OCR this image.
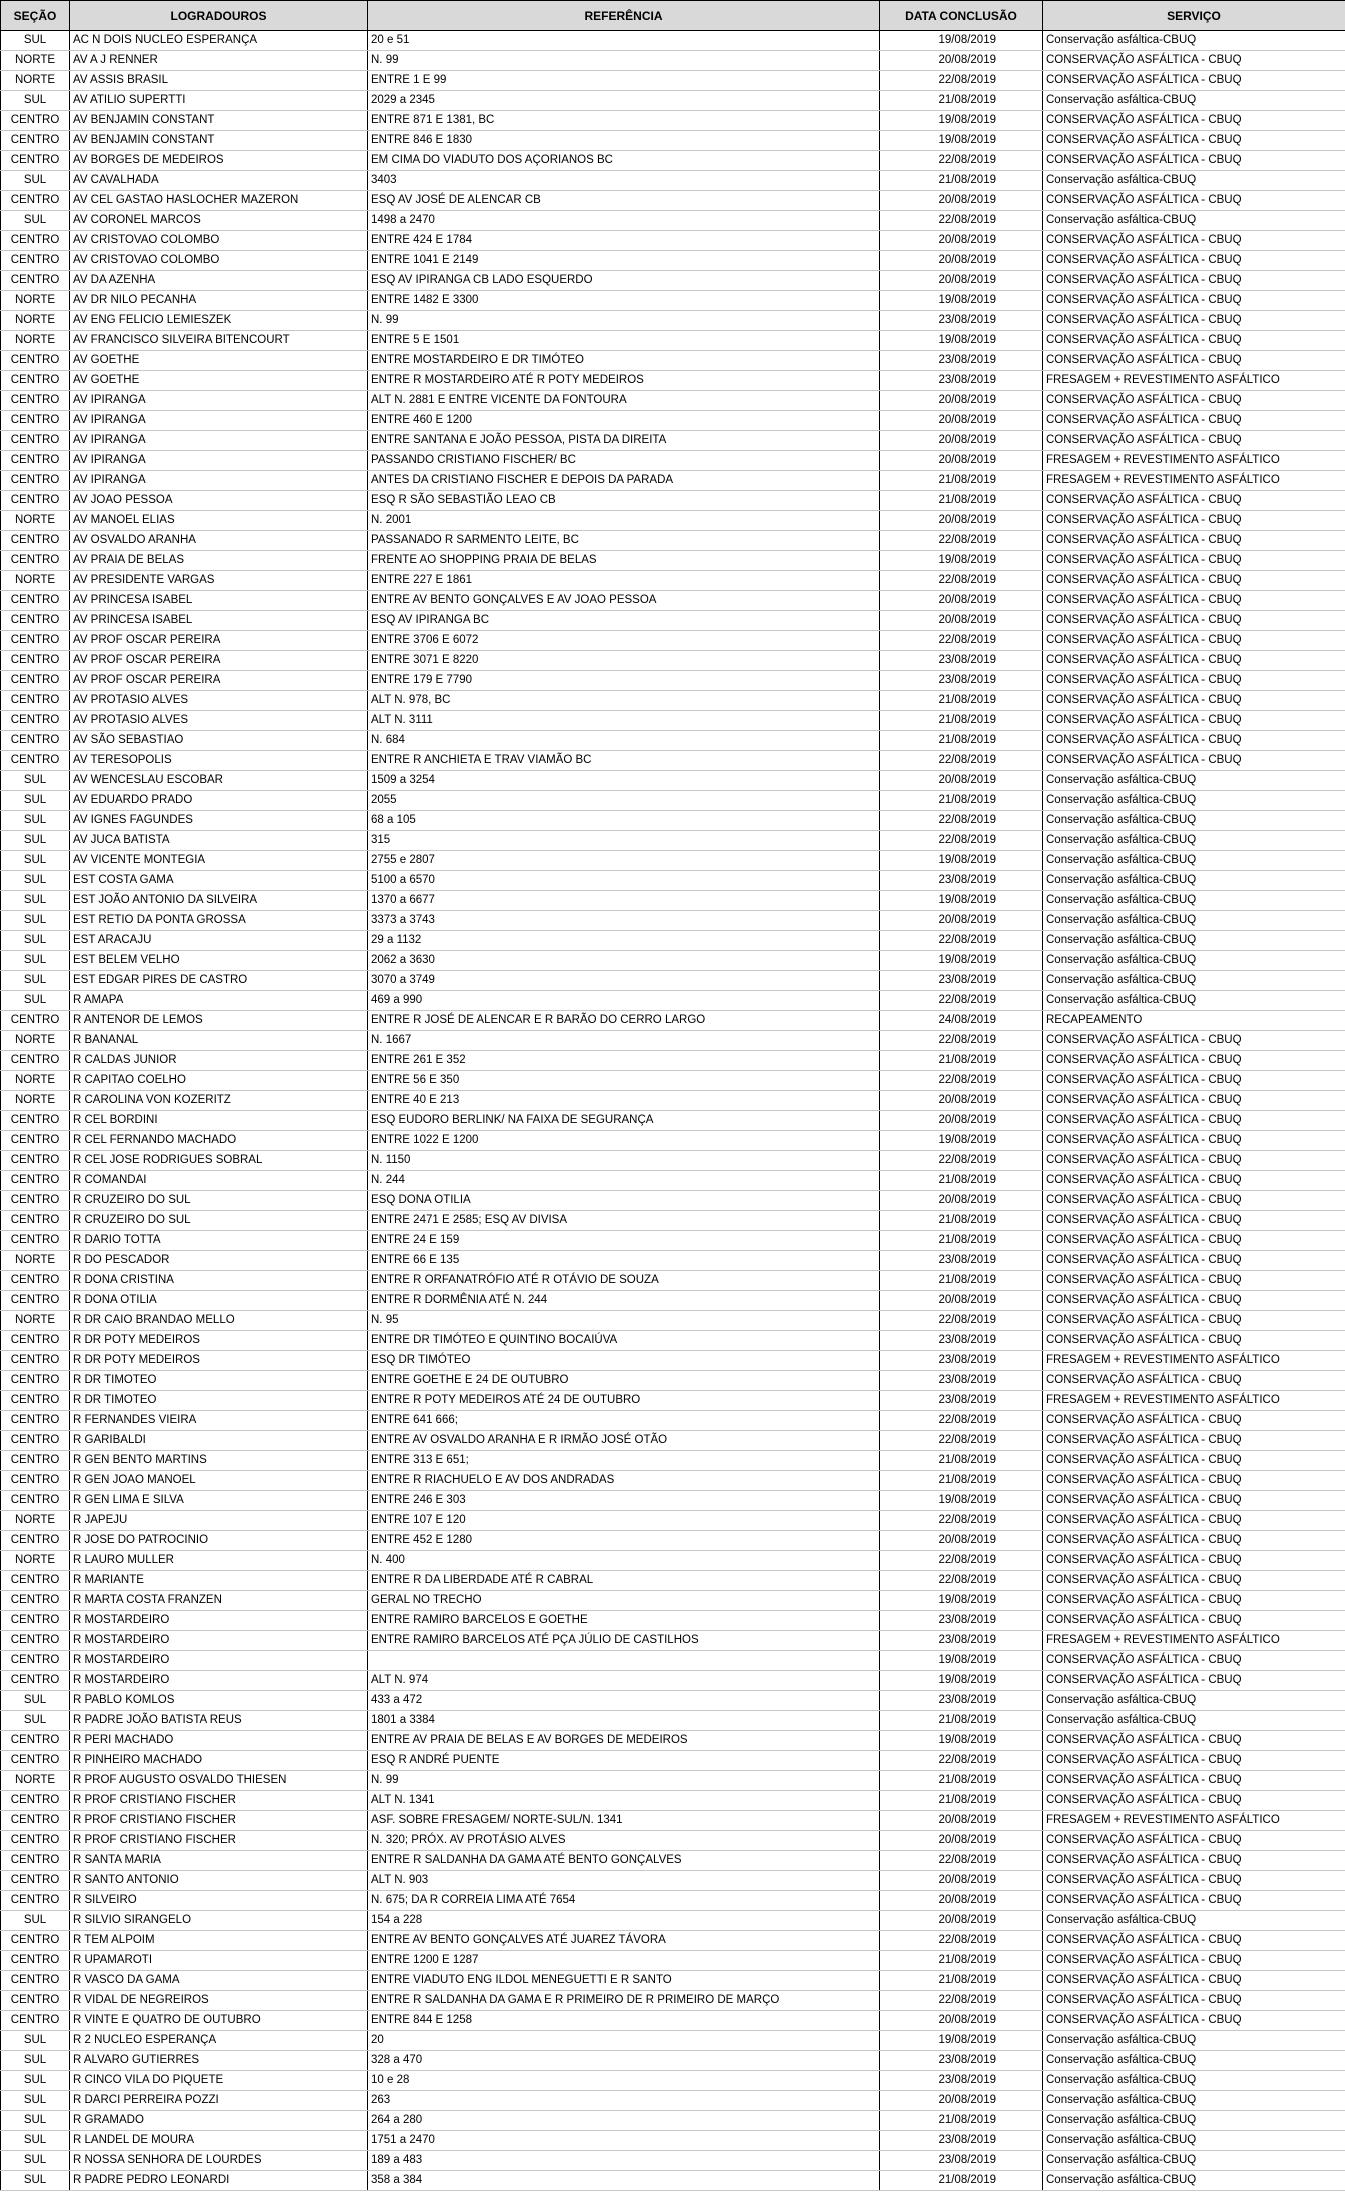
SEÇÃO	LOGRADOUROS	REFERÊNCIA	DATA CONCLUSÃO	SERVIÇO
SUL	AC N DOIS NUCLEO ESPERANÇA	20 e 51	19/08/2019	Conservação asfáltica-CBUQ
NORTE	AV A J RENNER	N. 99	20/08/2019	CONSERVAÇÃO ASFÁLTICA - CBUQ
NORTE	AV ASSIS BRASIL	ENTRE 1 E 99	22/08/2019	CONSERVAÇÃO ASFÁLTICA - CBUQ
SUL	AV ATILIO SUPERTTI	2029 a 2345	21/08/2019	Conservação asfáltica-CBUQ
CENTRO	AV BENJAMIN CONSTANT	ENTRE 871 E 1381, BC	19/08/2019	CONSERVAÇÃO ASFÁLTICA - CBUQ
CENTRO	AV BENJAMIN CONSTANT	ENTRE 846 E 1830	19/08/2019	CONSERVAÇÃO ASFÁLTICA - CBUQ
CENTRO	AV BORGES DE MEDEIROS	EM CIMA DO VIADUTO DOS AÇORIANOS BC	22/08/2019	CONSERVAÇÃO ASFÁLTICA - CBUQ
SUL	AV CAVALHADA	3403	21/08/2019	Conservação asfáltica-CBUQ
CENTRO	AV CEL GASTAO HASLOCHER MAZERON	ESQ AV JOSÉ DE ALENCAR CB	20/08/2019	CONSERVAÇÃO ASFÁLTICA - CBUQ
SUL	AV CORONEL MARCOS	1498 a 2470	22/08/2019	Conservação asfáltica-CBUQ
CENTRO	AV CRISTOVAO COLOMBO	ENTRE 424 E 1784	20/08/2019	CONSERVAÇÃO ASFÁLTICA - CBUQ
CENTRO	AV CRISTOVAO COLOMBO	ENTRE 1041 E 2149	20/08/2019	CONSERVAÇÃO ASFÁLTICA - CBUQ
CENTRO	AV DA AZENHA	ESQ AV IPIRANGA CB LADO ESQUERDO	20/08/2019	CONSERVAÇÃO ASFÁLTICA - CBUQ
NORTE	AV DR NILO PECANHA	ENTRE 1482 E 3300	19/08/2019	CONSERVAÇÃO ASFÁLTICA - CBUQ
NORTE	AV ENG FELICIO LEMIESZEK	N. 99	23/08/2019	CONSERVAÇÃO ASFÁLTICA - CBUQ
NORTE	AV FRANCISCO SILVEIRA BITENCOURT	ENTRE 5 E 1501	19/08/2019	CONSERVAÇÃO ASFÁLTICA - CBUQ
CENTRO	AV GOETHE	ENTRE MOSTARDEIRO E DR TIMÓTEO	23/08/2019	CONSERVAÇÃO ASFÁLTICA - CBUQ
CENTRO	AV GOETHE	ENTRE R MOSTARDEIRO ATÉ R POTY MEDEIROS	23/08/2019	FRESAGEM + REVESTIMENTO ASFÁLTICO
CENTRO	AV IPIRANGA	ALT N. 2881 E ENTRE VICENTE DA FONTOURA	20/08/2019	CONSERVAÇÃO ASFÁLTICA - CBUQ
CENTRO	AV IPIRANGA	ENTRE 460 E 1200	20/08/2019	CONSERVAÇÃO ASFÁLTICA - CBUQ
CENTRO	AV IPIRANGA	ENTRE SANTANA E JOÃO PESSOA, PISTA DA DIREITA	20/08/2019	CONSERVAÇÃO ASFÁLTICA - CBUQ
CENTRO	AV IPIRANGA	PASSANDO CRISTIANO FISCHER/ BC	20/08/2019	FRESAGEM + REVESTIMENTO ASFÁLTICO
CENTRO	AV IPIRANGA	ANTES DA CRISTIANO FISCHER E DEPOIS DA PARADA	21/08/2019	FRESAGEM + REVESTIMENTO ASFÁLTICO
CENTRO	AV JOAO PESSOA	ESQ R SÃO SEBASTIÃO LEAO CB	21/08/2019	CONSERVAÇÃO ASFÁLTICA - CBUQ
NORTE	AV MANOEL ELIAS	N. 2001	20/08/2019	CONSERVAÇÃO ASFÁLTICA - CBUQ
CENTRO	AV OSVALDO ARANHA	PASSANADO R SARMENTO LEITE, BC	22/08/2019	CONSERVAÇÃO ASFÁLTICA - CBUQ
CENTRO	AV PRAIA DE BELAS	FRENTE AO SHOPPING PRAIA DE BELAS	19/08/2019	CONSERVAÇÃO ASFÁLTICA - CBUQ
NORTE	AV PRESIDENTE VARGAS	ENTRE 227 E 1861	22/08/2019	CONSERVAÇÃO ASFÁLTICA - CBUQ
CENTRO	AV PRINCESA ISABEL	ENTRE AV BENTO GONÇALVES E AV JOAO PESSOA	20/08/2019	CONSERVAÇÃO ASFÁLTICA - CBUQ
CENTRO	AV PRINCESA ISABEL	ESQ AV IPIRANGA BC	20/08/2019	CONSERVAÇÃO ASFÁLTICA - CBUQ
CENTRO	AV PROF OSCAR PEREIRA	ENTRE 3706 E 6072	22/08/2019	CONSERVAÇÃO ASFÁLTICA - CBUQ
CENTRO	AV PROF OSCAR PEREIRA	ENTRE 3071 E 8220	23/08/2019	CONSERVAÇÃO ASFÁLTICA - CBUQ
CENTRO	AV PROF OSCAR PEREIRA	ENTRE 179 E 7790	23/08/2019	CONSERVAÇÃO ASFÁLTICA - CBUQ
CENTRO	AV PROTASIO ALVES	ALT N. 978, BC	21/08/2019	CONSERVAÇÃO ASFÁLTICA - CBUQ
CENTRO	AV PROTASIO ALVES	ALT N. 3111	21/08/2019	CONSERVAÇÃO ASFÁLTICA - CBUQ
CENTRO	AV SÃO SEBASTIAO	N. 684	21/08/2019	CONSERVAÇÃO ASFÁLTICA - CBUQ
CENTRO	AV TERESOPOLIS	ENTRE R ANCHIETA E TRAV VIAMÃO BC	22/08/2019	CONSERVAÇÃO ASFÁLTICA - CBUQ
SUL	AV WENCESLAU ESCOBAR	1509 a 3254	20/08/2019	Conservação asfáltica-CBUQ
SUL	AV EDUARDO PRADO	2055	21/08/2019	Conservação asfáltica-CBUQ
SUL	AV IGNES FAGUNDES	68 a 105	22/08/2019	Conservação asfáltica-CBUQ
SUL	AV JUCA BATISTA	315	22/08/2019	Conservação asfáltica-CBUQ
SUL	AV VICENTE MONTEGIA	2755 e 2807	19/08/2019	Conservação asfáltica-CBUQ
SUL	EST COSTA GAMA	5100 a 6570	23/08/2019	Conservação asfáltica-CBUQ
SUL	EST JOÃO ANTONIO DA SILVEIRA	1370 a 6677	19/08/2019	Conservação asfáltica-CBUQ
SUL	EST RETIO DA PONTA GROSSA	3373 a 3743	20/08/2019	Conservação asfáltica-CBUQ
SUL	EST ARACAJU	29 a 1132	22/08/2019	Conservação asfáltica-CBUQ
SUL	EST BELEM VELHO	2062 a 3630	19/08/2019	Conservação asfáltica-CBUQ
SUL	EST EDGAR PIRES DE CASTRO	3070 a 3749	23/08/2019	Conservação asfáltica-CBUQ
SUL	R AMAPA	469 a 990	22/08/2019	Conservação asfáltica-CBUQ
CENTRO	R ANTENOR DE LEMOS	ENTRE R JOSÉ DE ALENCAR E R BARÃO DO CERRO LARGO	24/08/2019	RECAPEAMENTO
NORTE	R BANANAL	N. 1667	22/08/2019	CONSERVAÇÃO ASFÁLTICA - CBUQ
CENTRO	R CALDAS JUNIOR	ENTRE 261 E 352	21/08/2019	CONSERVAÇÃO ASFÁLTICA - CBUQ
NORTE	R CAPITAO COELHO	ENTRE 56 E 350	22/08/2019	CONSERVAÇÃO ASFÁLTICA - CBUQ
NORTE	R CAROLINA VON KOZERITZ	ENTRE 40 E 213	20/08/2019	CONSERVAÇÃO ASFÁLTICA - CBUQ
CENTRO	R CEL BORDINI	ESQ EUDORO BERLINK/ NA FAIXA DE SEGURANÇA	20/08/2019	CONSERVAÇÃO ASFÁLTICA - CBUQ
CENTRO	R CEL FERNANDO MACHADO	ENTRE 1022 E 1200	19/08/2019	CONSERVAÇÃO ASFÁLTICA - CBUQ
CENTRO	R CEL JOSE RODRIGUES SOBRAL	N. 1150	22/08/2019	CONSERVAÇÃO ASFÁLTICA - CBUQ
CENTRO	R COMANDAI	N. 244	21/08/2019	CONSERVAÇÃO ASFÁLTICA - CBUQ
CENTRO	R CRUZEIRO DO SUL	ESQ DONA OTILIA	20/08/2019	CONSERVAÇÃO ASFÁLTICA - CBUQ
CENTRO	R CRUZEIRO DO SUL	ENTRE 2471 E 2585; ESQ AV DIVISA	21/08/2019	CONSERVAÇÃO ASFÁLTICA - CBUQ
CENTRO	R DARIO TOTTA	ENTRE 24 E 159	21/08/2019	CONSERVAÇÃO ASFÁLTICA - CBUQ
NORTE	R DO PESCADOR	ENTRE 66 E 135	23/08/2019	CONSERVAÇÃO ASFÁLTICA - CBUQ
CENTRO	R DONA CRISTINA	ENTRE R ORFANATRÓFIO ATÉ R OTÁVIO DE SOUZA	21/08/2019	CONSERVAÇÃO ASFÁLTICA - CBUQ
CENTRO	R DONA OTILIA	ENTRE R DORMÊNIA ATÉ N. 244	20/08/2019	CONSERVAÇÃO ASFÁLTICA - CBUQ
NORTE	R DR CAIO BRANDAO MELLO	N. 95	22/08/2019	CONSERVAÇÃO ASFÁLTICA - CBUQ
CENTRO	R DR POTY MEDEIROS	ENTRE DR TIMÓTEO E QUINTINO BOCAIÚVA	23/08/2019	CONSERVAÇÃO ASFÁLTICA - CBUQ
CENTRO	R DR POTY MEDEIROS	ESQ DR TIMÓTEO	23/08/2019	FRESAGEM + REVESTIMENTO ASFÁLTICO
CENTRO	R DR TIMOTEO	ENTRE GOETHE E 24 DE OUTUBRO	23/08/2019	CONSERVAÇÃO ASFÁLTICA - CBUQ
CENTRO	R DR TIMOTEO	ENTRE R POTY MEDEIROS ATÉ 24 DE OUTUBRO	23/08/2019	FRESAGEM + REVESTIMENTO ASFÁLTICO
CENTRO	R FERNANDES VIEIRA	ENTRE 641 666;	22/08/2019	CONSERVAÇÃO ASFÁLTICA - CBUQ
CENTRO	R GARIBALDI	ENTRE AV OSVALDO ARANHA E R IRMÃO JOSÉ OTÃO	22/08/2019	CONSERVAÇÃO ASFÁLTICA - CBUQ
CENTRO	R GEN BENTO MARTINS	ENTRE 313 E 651;	21/08/2019	CONSERVAÇÃO ASFÁLTICA - CBUQ
CENTRO	R GEN JOAO MANOEL	ENTRE R RIACHUELO E AV DOS ANDRADAS	21/08/2019	CONSERVAÇÃO ASFÁLTICA - CBUQ
CENTRO	R GEN LIMA E SILVA	ENTRE 246 E 303	19/08/2019	CONSERVAÇÃO ASFÁLTICA - CBUQ
NORTE	R JAPEJU	ENTRE 107 E 120	22/08/2019	CONSERVAÇÃO ASFÁLTICA - CBUQ
CENTRO	R JOSE DO PATROCINIO	ENTRE 452 E 1280	20/08/2019	CONSERVAÇÃO ASFÁLTICA - CBUQ
NORTE	R LAURO MULLER	N. 400	22/08/2019	CONSERVAÇÃO ASFÁLTICA - CBUQ
CENTRO	R MARIANTE	ENTRE R DA LIBERDADE ATÉ R CABRAL	22/08/2019	CONSERVAÇÃO ASFÁLTICA - CBUQ
CENTRO	R MARTA COSTA FRANZEN	GERAL NO TRECHO	19/08/2019	CONSERVAÇÃO ASFÁLTICA - CBUQ
CENTRO	R MOSTARDEIRO	ENTRE RAMIRO BARCELOS E GOETHE	23/08/2019	CONSERVAÇÃO ASFÁLTICA - CBUQ
CENTRO	R MOSTARDEIRO	ENTRE RAMIRO BARCELOS ATÉ PÇA JÚLIO DE CASTILHOS	23/08/2019	FRESAGEM + REVESTIMENTO ASFÁLTICO
CENTRO	R MOSTARDEIRO		19/08/2019	CONSERVAÇÃO ASFÁLTICA - CBUQ
CENTRO	R MOSTARDEIRO	ALT N. 974	19/08/2019	CONSERVAÇÃO ASFÁLTICA - CBUQ
SUL	R PABLO KOMLOS	433 a 472	23/08/2019	Conservação asfáltica-CBUQ
SUL	R PADRE JOÃO BATISTA REUS	1801 a 3384	21/08/2019	Conservação asfáltica-CBUQ
CENTRO	R PERI MACHADO	ENTRE AV PRAIA DE BELAS E AV BORGES DE MEDEIROS	19/08/2019	CONSERVAÇÃO ASFÁLTICA - CBUQ
CENTRO	R PINHEIRO MACHADO	ESQ R ANDRÉ PUENTE	22/08/2019	CONSERVAÇÃO ASFÁLTICA - CBUQ
NORTE	R PROF AUGUSTO OSVALDO THIESEN	N. 99	21/08/2019	CONSERVAÇÃO ASFÁLTICA - CBUQ
CENTRO	R PROF CRISTIANO FISCHER	ALT N. 1341	21/08/2019	CONSERVAÇÃO ASFÁLTICA - CBUQ
CENTRO	R PROF CRISTIANO FISCHER	ASF. SOBRE FRESAGEM/ NORTE-SUL/N. 1341	20/08/2019	FRESAGEM + REVESTIMENTO ASFÁLTICO
CENTRO	R PROF CRISTIANO FISCHER	N. 320; PRÓX. AV PROTÁSIO ALVES	20/08/2019	CONSERVAÇÃO ASFÁLTICA - CBUQ
CENTRO	R SANTA MARIA	ENTRE R SALDANHA DA GAMA ATÉ BENTO GONÇALVES	22/08/2019	CONSERVAÇÃO ASFÁLTICA - CBUQ
CENTRO	R SANTO ANTONIO	ALT N. 903	20/08/2019	CONSERVAÇÃO ASFÁLTICA - CBUQ
CENTRO	R SILVEIRO	N. 675; DA R CORREIA LIMA ATÉ 7654	20/08/2019	CONSERVAÇÃO ASFÁLTICA - CBUQ
SUL	R SILVIO SIRANGELO	154 a 228	20/08/2019	Conservação asfáltica-CBUQ
CENTRO	R TEM ALPOIM	ENTRE AV BENTO GONÇALVES ATÉ JUAREZ TÁVORA	22/08/2019	CONSERVAÇÃO ASFÁLTICA - CBUQ
CENTRO	R UPAMAROTI	ENTRE 1200 E 1287	21/08/2019	CONSERVAÇÃO ASFÁLTICA - CBUQ
CENTRO	R VASCO DA GAMA	ENTRE VIADUTO ENG ILDOL MENEGUETTI E R SANTO	21/08/2019	CONSERVAÇÃO ASFÁLTICA - CBUQ
CENTRO	R VIDAL DE NEGREIROS	ENTRE R SALDANHA DA GAMA E R PRIMEIRO DE R PRIMEIRO DE MARÇO	22/08/2019	CONSERVAÇÃO ASFÁLTICA - CBUQ
CENTRO	R VINTE E QUATRO DE OUTUBRO	ENTRE 844 E 1258	20/08/2019	CONSERVAÇÃO ASFÁLTICA - CBUQ
SUL	R 2 NUCLEO ESPERANÇA	20	19/08/2019	Conservação asfáltica-CBUQ
SUL	R ALVARO GUTIERRES	328 a 470	23/08/2019	Conservação asfáltica-CBUQ
SUL	R CINCO VILA DO PIQUETE	10 e 28	23/08/2019	Conservação asfáltica-CBUQ
SUL	R DARCI PERREIRA POZZI	263	20/08/2019	Conservação asfáltica-CBUQ
SUL	R GRAMADO	264 a 280	21/08/2019	Conservação asfáltica-CBUQ
SUL	R LANDEL DE MOURA	1751 a 2470	23/08/2019	Conservação asfáltica-CBUQ
SUL	R NOSSA SENHORA DE LOURDES	189 a 483	23/08/2019	Conservação asfáltica-CBUQ
SUL	R PADRE PEDRO LEONARDI	358 a 384	21/08/2019	Conservação asfáltica-CBUQ
